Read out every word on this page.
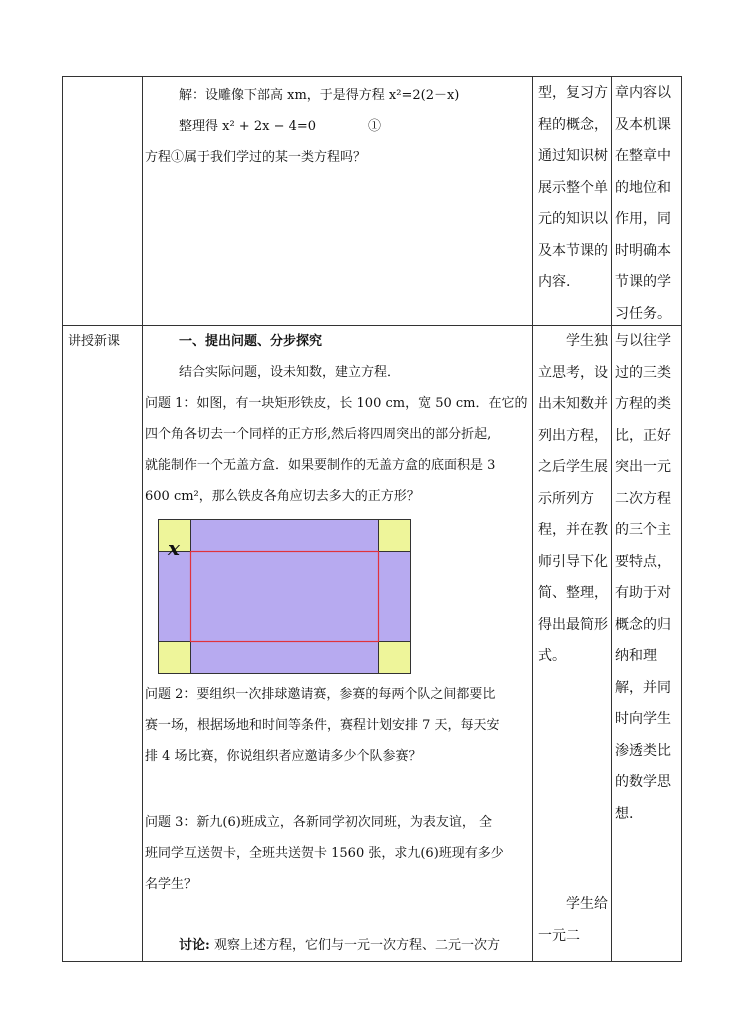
解：设雕像下部高 xm，于是得方程 x²=2(2－x)
整理得 x² + 2x − 4=0　　　　①
方程①属于我们学过的某一类方程吗？
型，复习方程的概念，通过知识树展示整个单元的知识以及本节课的内容.
章内容以及本机课在整章中的地位和作用，同时明确本节课的学习任务。
讲授新课	一、提出问题、分步探究
结合实际问题，设未知数，建立方程．
问题 1：如图，有一块矩形铁皮，长 100 cm，宽 50 cm．在它的
四个角各切去一个同样的正方形,然后将四周突出的部分折起,
就能制作一个无盖方盒．如果要制作的无盖方盒的底面积是 3
600 cm²，那么铁皮各角应切去多大的正方形？
x
问题 2：要组织一次排球邀请赛，参赛的每两个队之间都要比
赛一场，根据场地和时间等条件，赛程计划安排 7 天，每天安
排 4 场比赛，你说组织者应邀请多少个队参赛？
问题 3：新九(6)班成立，各新同学初次同班，为表友谊， 全
班同学互送贺卡，全班共送贺卡 1560 张，求九(6)班现有多少
名学生？
讨论: 观察上述方程，它们与一元一次方程、二元一次方
学生独立思考，设出未知数并列出方程，之后学生展示所列方程，并在教师引导下化简、整理，得出最简形式。
学生给一元二
与以往学过的三类方程的类比，正好突出一元二次方程的三个主要特点，有助于对概念的归纳和理解，并同时向学生渗透类比的数学思想.
